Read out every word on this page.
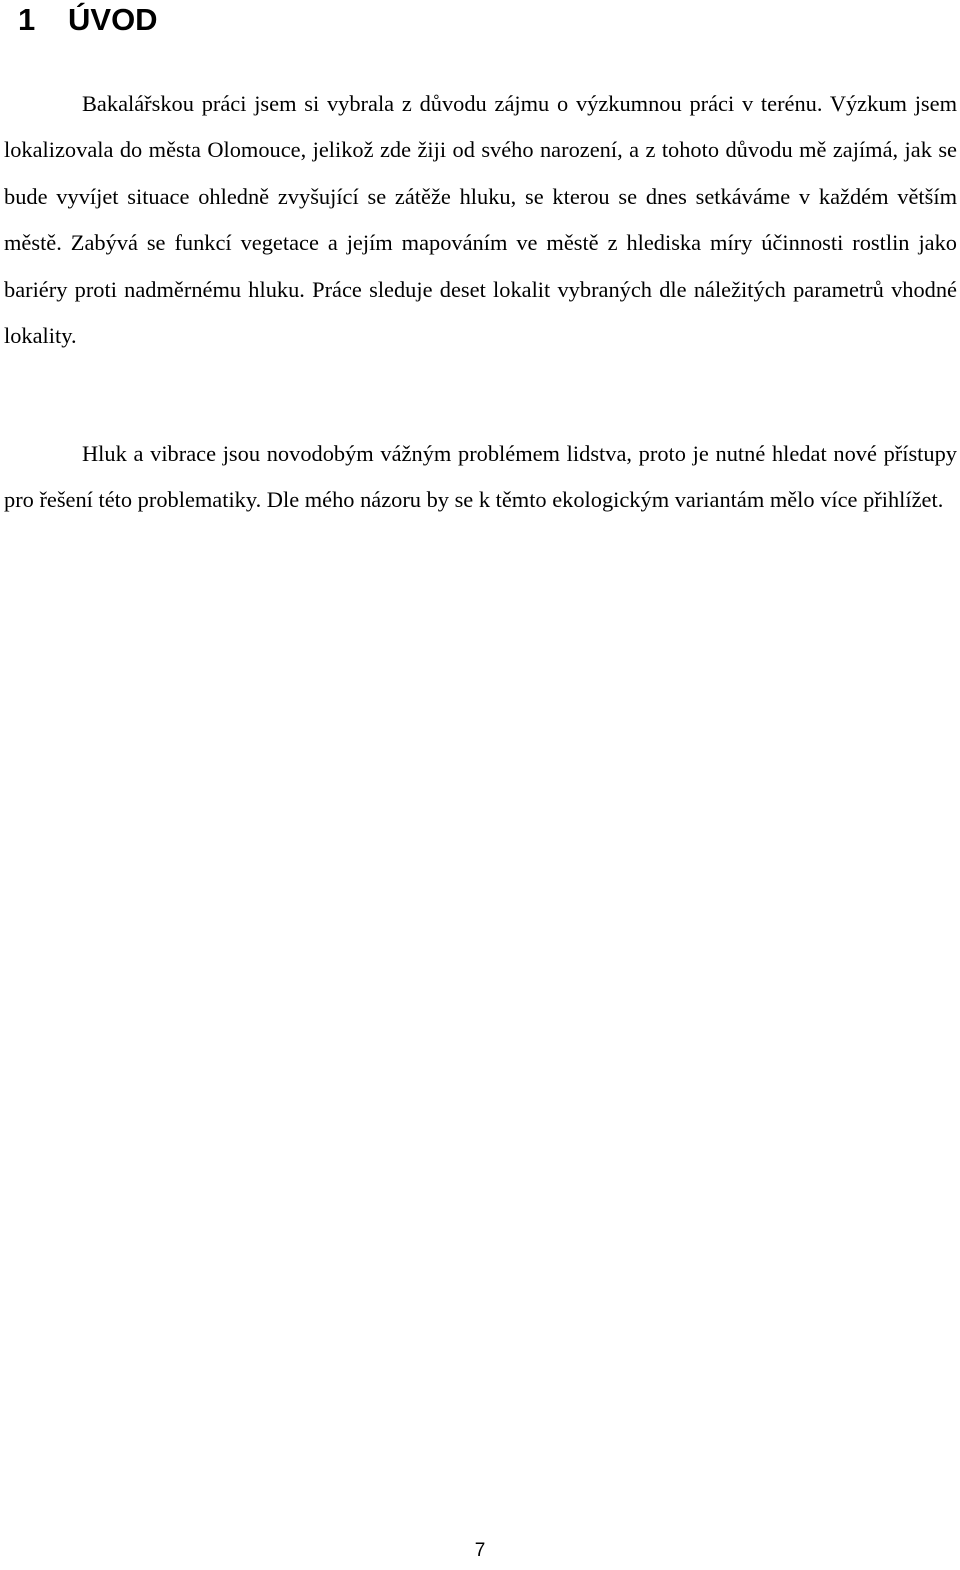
1 ÚVOD

Bakalářskou práci jsem si vybrala z důvodu zájmu o výzkumnou práci v terénu. Výzkum jsem lokalizovala do města Olomouce, jelikož zde žiji od svého narození, a z tohoto důvodu mě zajímá, jak se bude vyvíjet situace ohledně zvyšující se zátěže hluku, se kterou se dnes setkáváme v každém větším městě. Zabývá se funkcí vegetace a jejím mapováním ve městě z hlediska míry účinnosti rostlin jako bariéry proti nadměrnému hluku. Práce sleduje deset lokalit vybraných dle náležitých parametrů vhodné lokality.

Hluk a vibrace jsou novodobým vážným problémem lidstva, proto je nutné hledat nové přístupy pro řešení této problematiky. Dle mého názoru by se k těmto ekologickým variantám mělo více přihlížet.

7
